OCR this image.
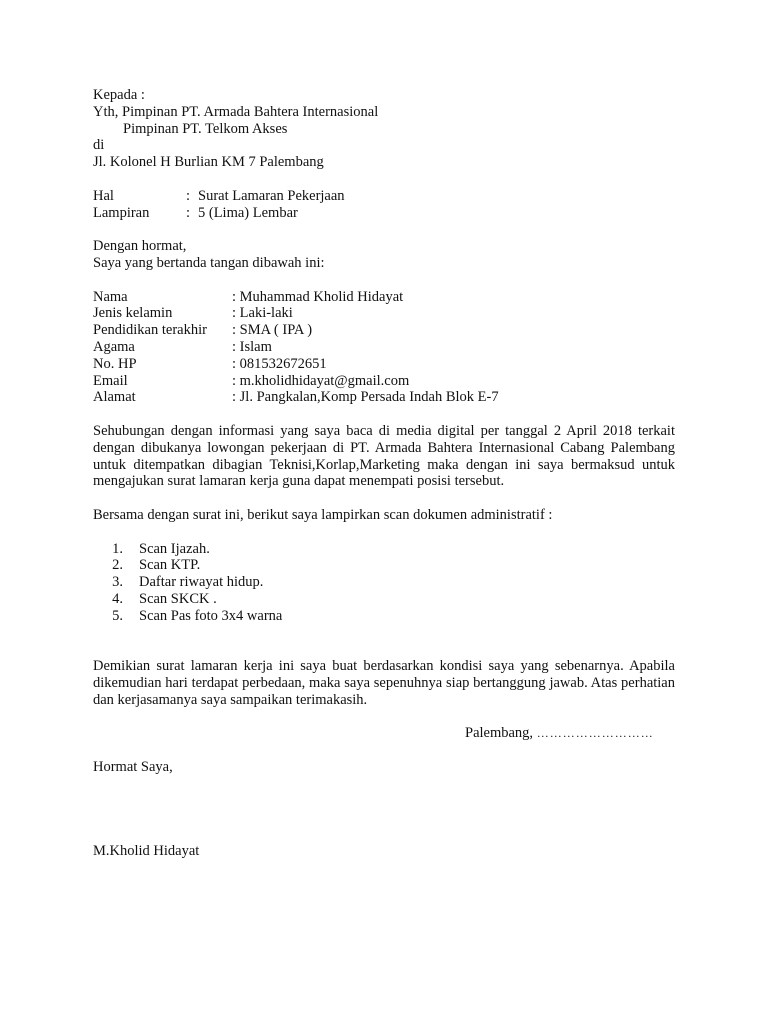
Kepada :
Yth, Pimpinan PT. Armada Bahtera Internasional
Pimpinan PT. Telkom Akses
di
Jl. Kolonel H Burlian KM 7 Palembang
Hal	: Surat Lamaran Pekerjaan
Lampiran	: 5 (Lima) Lembar
Dengan hormat,
Saya yang bertanda tangan dibawah ini:
Nama	: Muhammad Kholid Hidayat
Jenis kelamin	: Laki-laki
Pendidikan terakhir	: SMA ( IPA )
Agama	: Islam
No. HP	: 081532672651
Email	: m.kholidhidayat@gmail.com
Alamat	: Jl. Pangkalan,Komp Persada Indah Blok E-7
Sehubungan dengan informasi yang saya baca di media digital per tanggal 2 April 2018 terkait dengan dibukanya lowongan pekerjaan di PT. Armada Bahtera Internasional Cabang Palembang untuk ditempatkan dibagian Teknisi,Korlap,Marketing maka dengan ini saya bermaksud untuk mengajukan surat lamaran kerja guna dapat menempati posisi tersebut.
Bersama dengan surat ini, berikut saya lampirkan scan dokumen administratif :
1.	Scan Ijazah.
2.	Scan KTP.
3.	Daftar riwayat hidup.
4.	Scan SKCK .
5.	Scan Pas foto 3x4 warna
Demikian surat lamaran kerja ini saya buat berdasarkan kondisi saya yang sebenarnya. Apabila dikemudian hari terdapat perbedaan, maka saya sepenuhnya siap bertanggung jawab. Atas perhatian dan kerjasamanya saya sampaikan terimakasih.
Palembang, ………………………
Hormat Saya,
M.Kholid Hidayat
